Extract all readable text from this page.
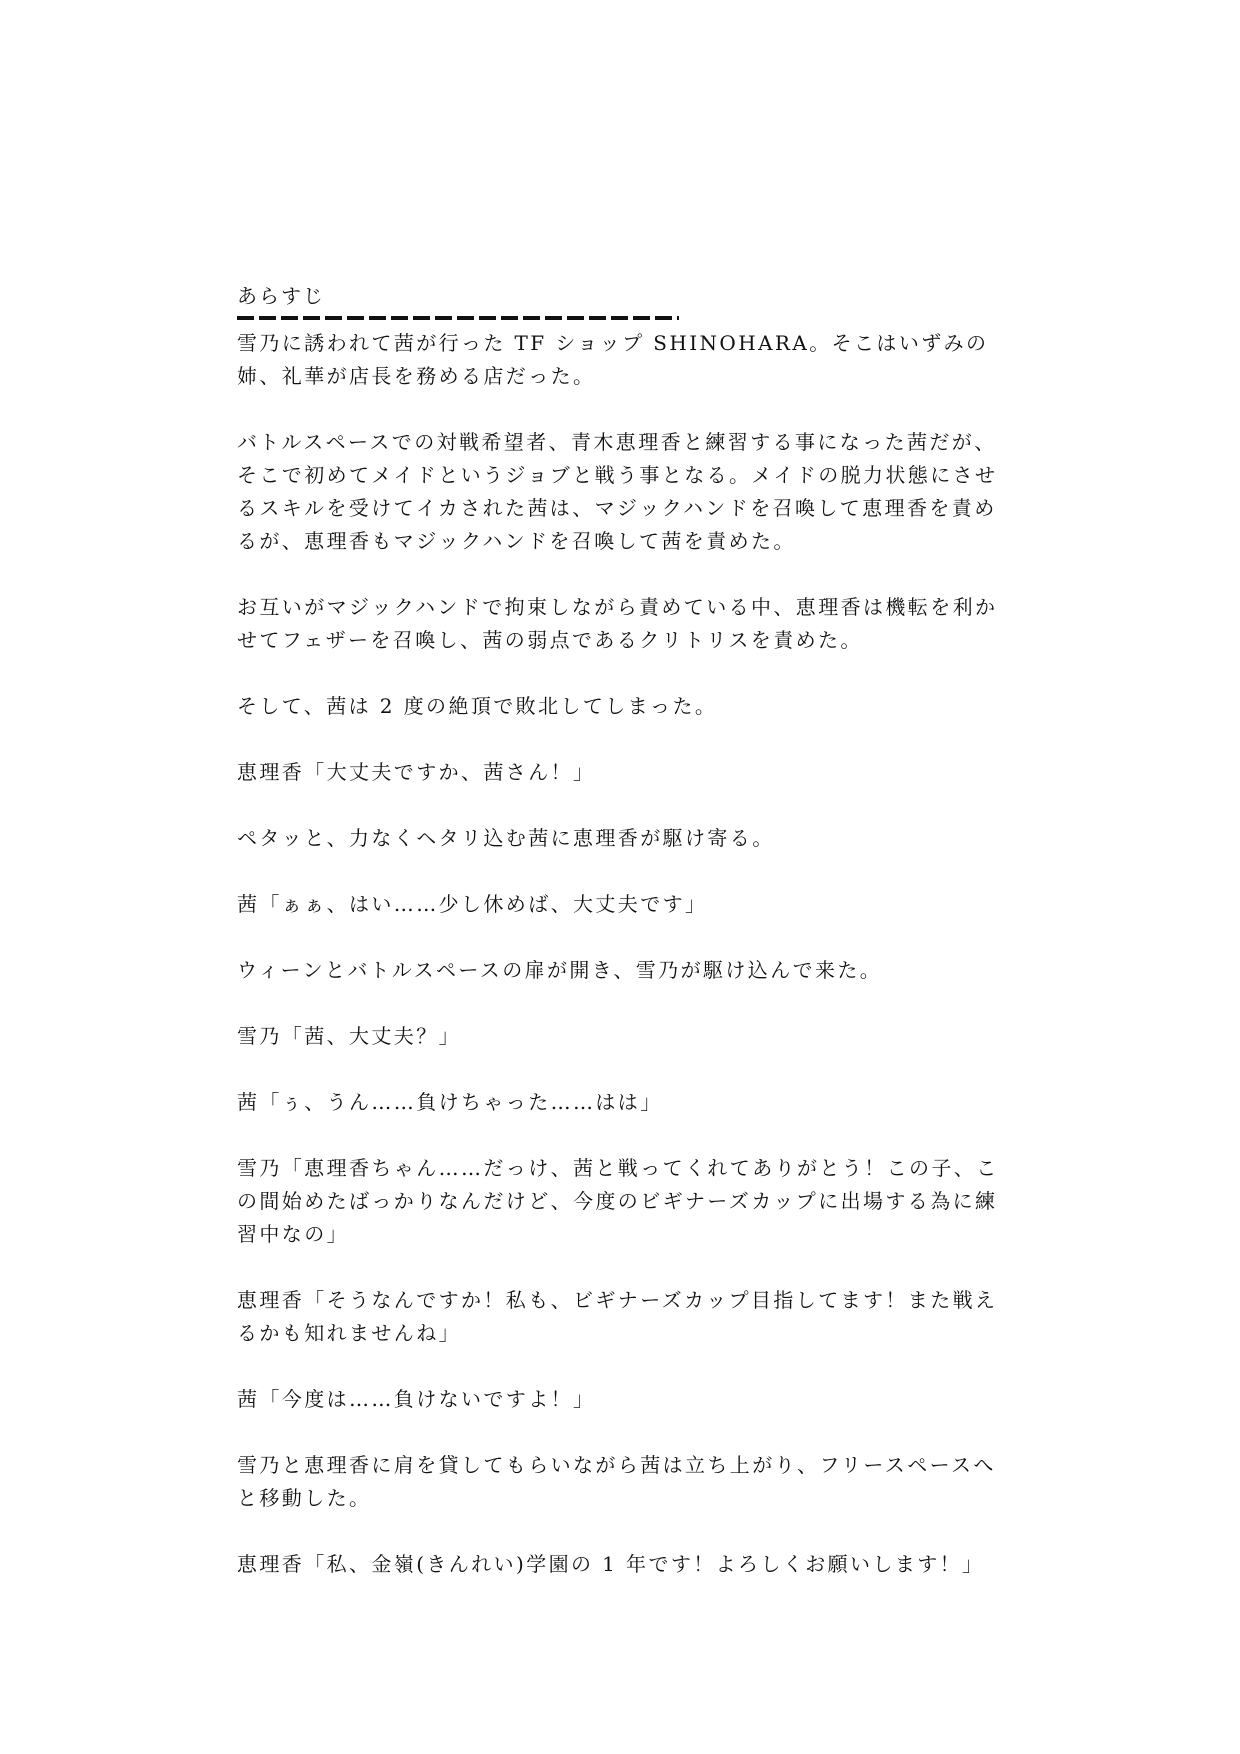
あらすじ

雪乃に誘われて茜が行った TF ショップ SHINOHARA。そこはいずみの姉、礼華が店長を務める店だった。

バトルスペースでの対戦希望者、青木恵理香と練習する事になった茜だが、そこで初めてメイドというジョブと戦う事となる。メイドの脱力状態にさせるスキルを受けてイカされた茜は、マジックハンドを召喚して恵理香を責めるが、恵理香もマジックハンドを召喚して茜を責めた。

お互いがマジックハンドで拘束しながら責めている中、恵理香は機転を利かせてフェザーを召喚し、茜の弱点であるクリトリスを責めた。

そして、茜は 2 度の絶頂で敗北してしまった。

恵理香「大丈夫ですか、茜さん！」

ペタッと、力なくヘタリ込む茜に恵理香が駆け寄る。

茜「ぁぁ、はい……少し休めば、大丈夫です」

ウィーンとバトルスペースの扉が開き、雪乃が駆け込んで来た。

雪乃「茜、大丈夫？」

茜「ぅ、うん……負けちゃった……はは」

雪乃「恵理香ちゃん……だっけ、茜と戦ってくれてありがとう！この子、この間始めたばっかりなんだけど、今度のビギナーズカップに出場する為に練習中なの」

恵理香「そうなんですか！私も、ビギナーズカップ目指してます！また戦えるかも知れませんね」

茜「今度は……負けないですよ！」

雪乃と恵理香に肩を貸してもらいながら茜は立ち上がり、フリースペースへと移動した。

恵理香「私、金嶺(きんれい)学園の 1 年です！よろしくお願いします！」
